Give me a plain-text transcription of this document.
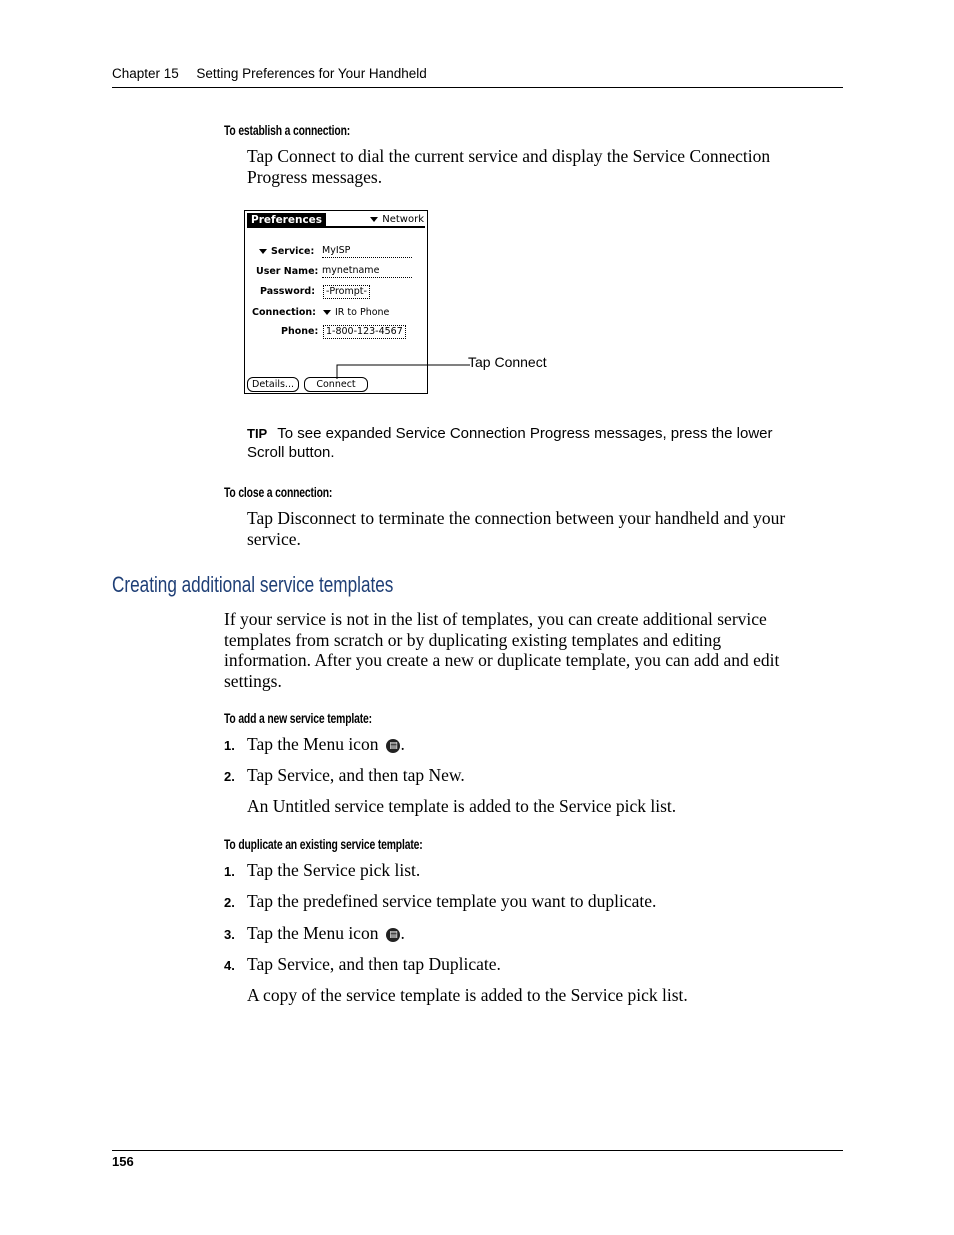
Chapter 15 Setting Preferences for Your Handheld
To establish a connection:
Tap Connect to dial the current service and display the Service Connection
Progress messages.
Preferences	Network
Service: MyISP
User Name: mynetname
Password:	-Prompt-
Connection:	IR to Phone
Phone: 1-800-123-4567
Details...	Connect
Tap Connect
TIP To see expanded Service Connection Progress messages, press the lower
Scroll button.
To close a connection:
Tap Disconnect to terminate the connection between your handheld and your
service.
Creating additional service templates
If your service is not in the list of templates, you can create additional service
templates from scratch or by duplicating existing templates and editing
information. After you create a new or duplicate template, you can add and edit
settings.
To add a new service template:
1. Tap the Menu icon ▤ .
2. Tap Service, and then tap New.
An Untitled service template is added to the Service pick list.
To duplicate an existing service template:
1. Tap the Service pick list.
2. Tap the predefined service template you want to duplicate.
3. Tap the Menu icon ▤ .
4. Tap Service, and then tap Duplicate.
A copy of the service template is added to the Service pick list.
156
